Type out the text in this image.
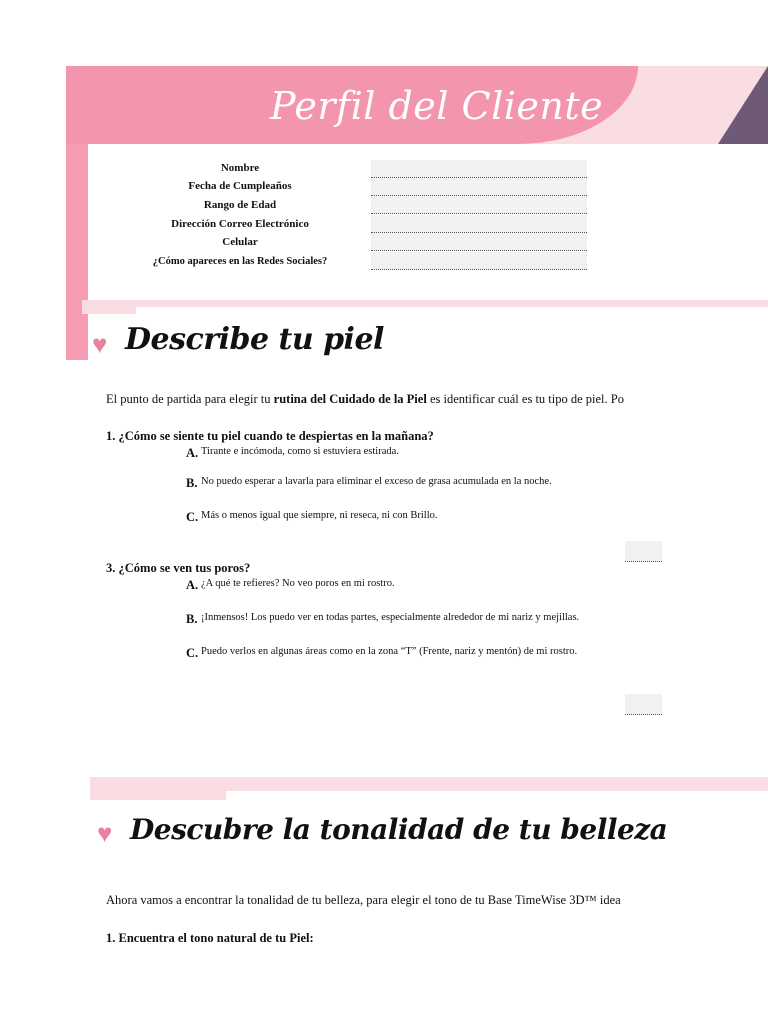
Perfil del Cliente
Nombre
Fecha de Cumpleaños
Rango de Edad
Dirección Correo Electrónico
Celular
¿Cómo apareces en las Redes Sociales?
♥ Describe tu piel
El punto de partida para elegir tu rutina del Cuidado de la Piel es identificar cuál es tu tipo de piel. Po
1. ¿Cómo se siente tu piel cuando te despiertas en la mañana?
A. Tirante e incómoda, como si estuviera estirada.
B. No puedo esperar a lavarla para eliminar el exceso de grasa acumulada en la noche.
C. Más o menos igual que siempre, ni reseca, ni con Brillo.
3. ¿Cómo se ven tus poros?
A. ¿A qué te refieres? No veo poros en mi rostro.
B. ¡Inmensos! Los puedo ver en todas partes, especialmente alrededor de mi nariz y mejillas.
C. Puedo verlos en algunas áreas como en la zona “T” (Frente, nariz y mentón) de mi rostro.
♥ Descubre la tonalidad de tu belleza
Ahora vamos a encontrar la tonalidad de tu belleza, para elegir el tono de tu Base TimeWise 3D™ idea
1. Encuentra el tono natural de tu Piel:
